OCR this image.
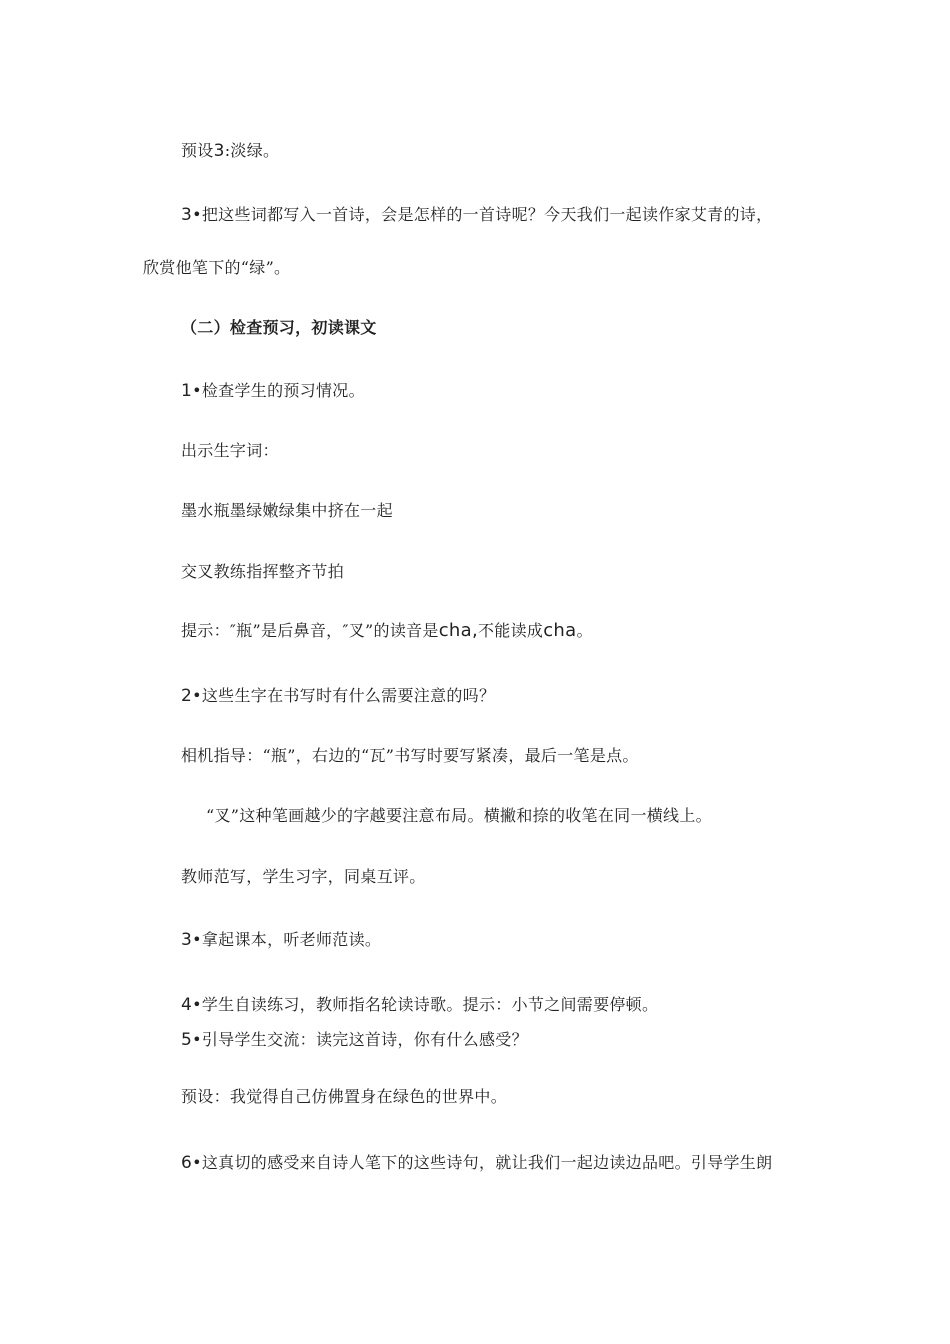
预设3:淡绿。
3•把这些词都写入一首诗，会是怎样的一首诗呢？今天我们一起读作家艾青的诗，
欣赏他笔下的“绿”。
（二）检查预习，初读课文
1•检查学生的预习情况。
出示生字词：
墨水瓶墨绿嫩绿集中挤在一起
交叉教练指挥整齐节拍
提示：″瓶”是后鼻音，″叉”的读音是cha,不能读成cha。
2•这些生字在书写时有什么需要注意的吗？
相机指导：“瓶”，右边的“瓦”书写时要写紧凑，最后一笔是点。
“叉”这种笔画越少的字越要注意布局。横撇和捺的收笔在同一横线上。
教师范写，学生习字，同桌互评。
3•拿起课本，听老师范读。
4•学生自读练习，教师指名轮读诗歌。提示：小节之间需要停顿。
5•引导学生交流：读完这首诗，你有什么感受？
预设：我觉得自己仿佛置身在绿色的世界中。
6•这真切的感受来自诗人笔下的这些诗句，就让我们一起边读边品吧。引导学生朗
